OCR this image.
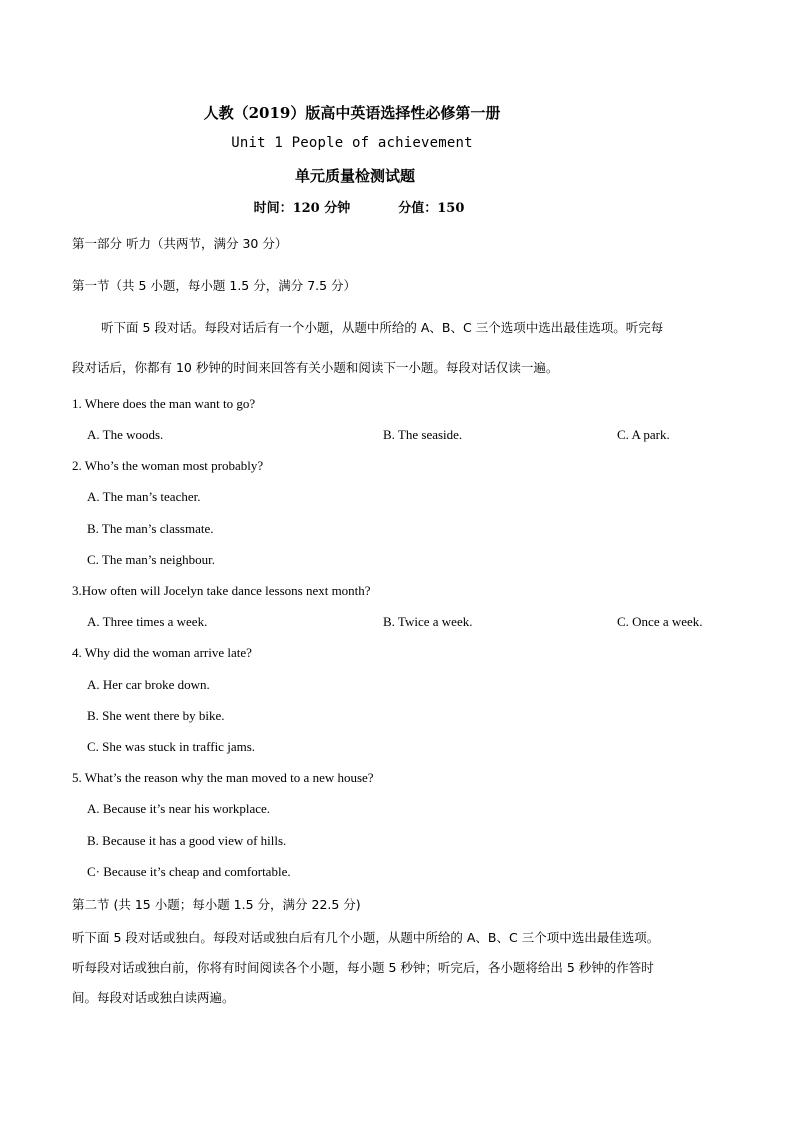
人教（2019）版高中英语选择性必修第一册
Unit 1 People of achievement
单元质量检测试题
时间：120 分钟	分值：150
第一部分 听力（共两节，满分 30 分）
第一节（共 5 小题，每小题 1.5 分，满分 7.5 分）
听下面 5 段对话。每段对话后有一个小题，从题中所给的 A、B、C 三个选项中选出最佳选项。听完每
段对话后，你都有 10 秒钟的时间来回答有关小题和阅读下一小题。每段对话仅读一遍。
1. Where does the man want to go?
A. The woods.	B. The seaside.	C. A park.
2. Who’s the woman most probably?
A. The man’s teacher.
B. The man’s classmate.
C. The man’s neighbour.
3.How often will Jocelyn take dance lessons next month?
A. Three times a week.	B. Twice a week.	C. Once a week.
4. Why did the woman arrive late?
A. Her car broke down.
B. She went there by bike.
C. She was stuck in traffic jams.
5. What’s the reason why the man moved to a new house?
A. Because it’s near his workplace.
B. Because it has a good view of hills.
C· Because it’s cheap and comfortable.
第二节 (共 15 小题；每小题 1.5 分，满分 22.5 分)
听下面 5 段对话或独白。每段对话或独白后有几个小题，从题中所给的 A、B、C 三个项中选出最佳选项。
听每段对话或独白前，你将有时间阅读各个小题，每小题 5 秒钟；听完后，各小题将给出 5 秒钟的作答时
间。每段对话或独白读两遍。
